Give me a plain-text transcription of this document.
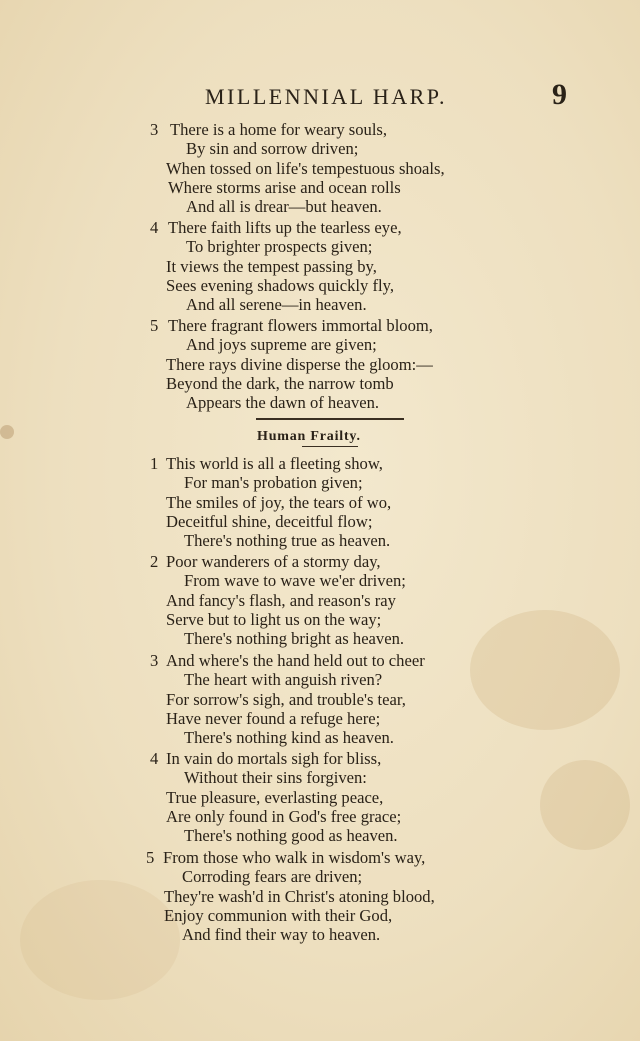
MILLENNIAL HARP.	9
3 There is a home for weary souls,
By sin and sorrow driven;
When tossed on life's tempestuous shoals,
Where storms arise and ocean rolls
And all is drear—but heaven.
4 There faith lifts up the tearless eye,
To brighter prospects given;
It views the tempest passing by,
Sees evening shadows quickly fly,
And all serene—in heaven.
5 There fragrant flowers immortal bloom,
And joys supreme are given;
There rays divine disperse the gloom:—
Beyond the dark, the narrow tomb
Appears the dawn of heaven.
Human Frailty.
1 This world is all a fleeting show,
For man's probation given;
The smiles of joy, the tears of wo,
Deceitful shine, deceitful flow;
There's nothing true as heaven.
2 Poor wanderers of a stormy day,
From wave to wave we'er driven;
And fancy's flash, and reason's ray
Serve but to light us on the way;
There's nothing bright as heaven.
3 And where's the hand held out to cheer
The heart with anguish riven?
For sorrow's sigh, and trouble's tear,
Have never found a refuge here;
There's nothing kind as heaven.
4 In vain do mortals sigh for bliss,
Without their sins forgiven:
True pleasure, everlasting peace,
Are only found in God's free grace;
There's nothing good as heaven.
5 From those who walk in wisdom's way,
Corroding fears are driven;
They're wash'd in Christ's atoning blood,
Enjoy communion with their God,
And find their way to heaven.
